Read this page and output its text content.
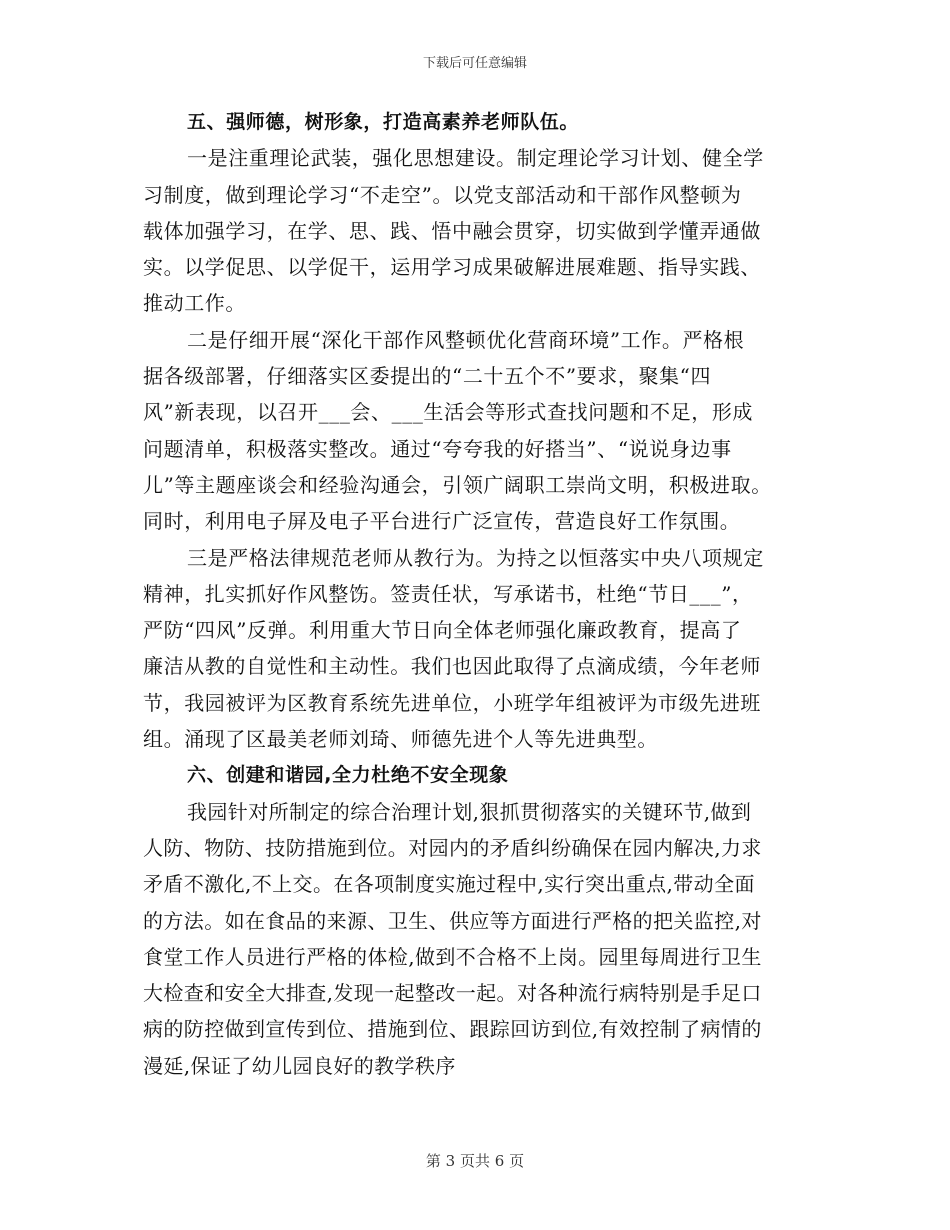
下载后可任意编辑
五、强师德，树形象，打造高素养老师队伍。
一是注重理论武装，强化思想建设。制定理论学习计划、健全学
习制度，做到理论学习“不走空”。以党支部活动和干部作风整顿为
载体加强学习，在学、思、践、悟中融会贯穿，切实做到学懂弄通做
实。以学促思、以学促干，运用学习成果破解进展难题、指导实践、
推动工作。
二是仔细开展“深化干部作风整顿优化营商环境”工作。严格根
据各级部署，仔细落实区委提出的“二十五个不”要求，聚集“四
风”新表现，以召开___会、___生活会等形式查找问题和不足，形成
问题清单，积极落实整改。通过“夸夸我的好搭当”、“说说身边事
儿”等主题座谈会和经验沟通会，引领广阔职工崇尚文明，积极进取。
同时，利用电子屏及电子平台进行广泛宣传，营造良好工作氛围。
三是严格法律规范老师从教行为。为持之以恒落实中央八项规定
精神，扎实抓好作风整饬。签责任状，写承诺书，杜绝“节日___”，
严防“四风”反弹。利用重大节日向全体老师强化廉政教育，提高了
廉洁从教的自觉性和主动性。我们也因此取得了点滴成绩，今年老师
节，我园被评为区教育系统先进单位，小班学年组被评为市级先进班
组。涌现了区最美老师刘琦、师德先进个人等先进典型。
六、创建和谐园,全力杜绝不安全现象
我园针对所制定的综合治理计划,狠抓贯彻落实的关键环节,做到
人防、物防、技防措施到位。对园内的矛盾纠纷确保在园内解决,力求
矛盾不激化,不上交。在各项制度实施过程中,实行突出重点,带动全面
的方法。如在食品的来源、卫生、供应等方面进行严格的把关监控,对
食堂工作人员进行严格的体检,做到不合格不上岗。园里每周进行卫生
大检查和安全大排查,发现一起整改一起。对各种流行病特别是手足口
病的防控做到宣传到位、措施到位、跟踪回访到位,有效控制了病情的
漫延,保证了幼儿园良好的教学秩序
第 3 页共 6 页
